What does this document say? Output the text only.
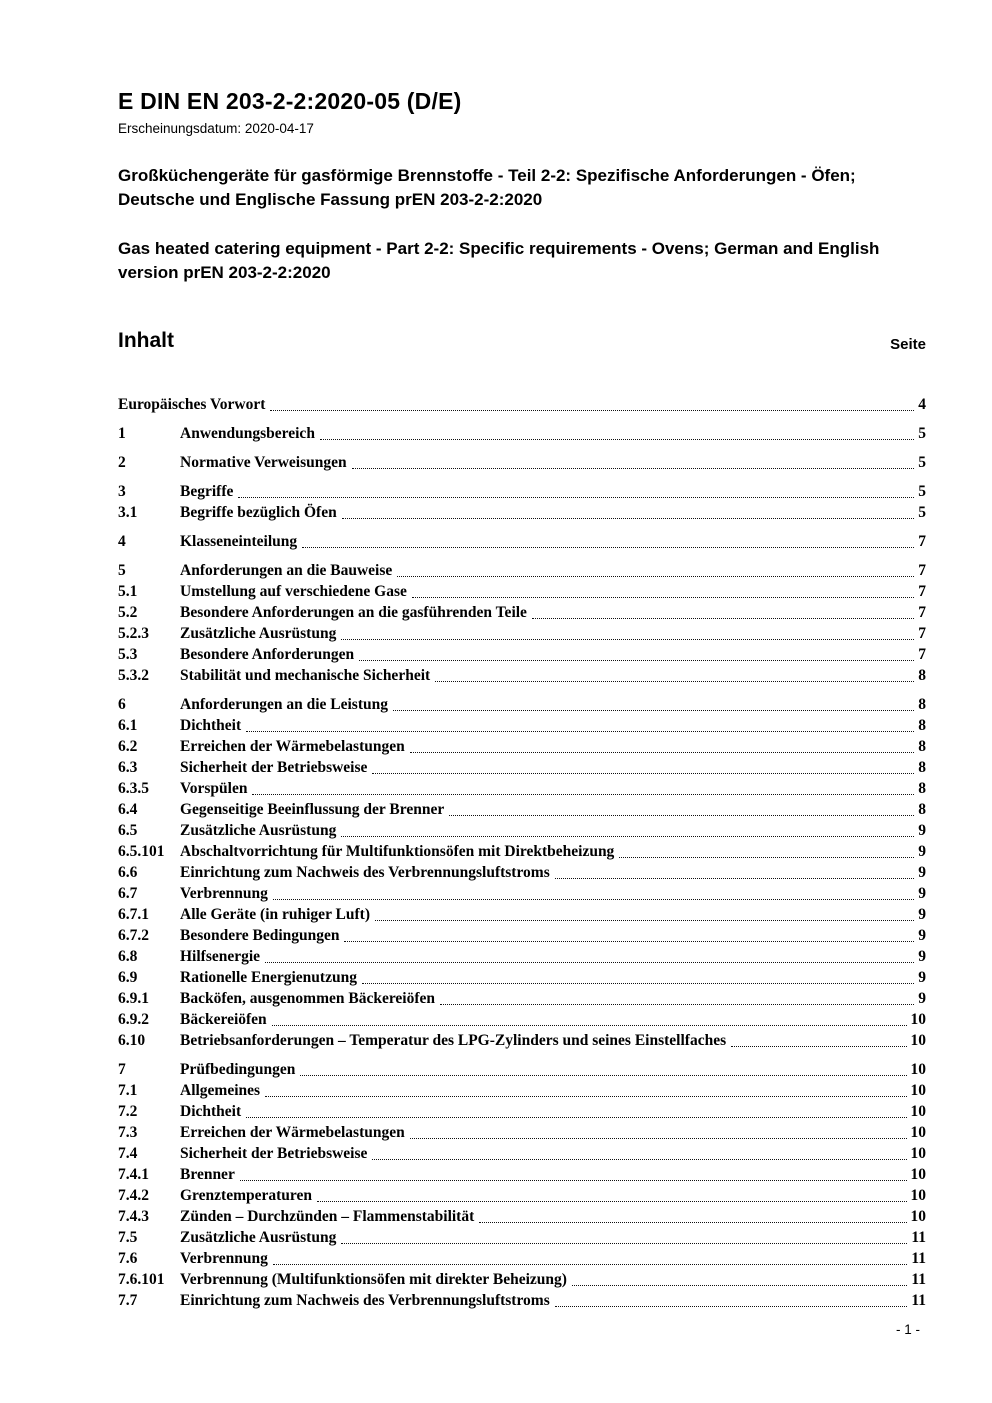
E DIN EN 203-2-2:2020-05 (D/E)
Erscheinungsdatum: 2020-04-17

Großküchengeräte für gasförmige Brennstoffe - Teil 2-2: Spezifische Anforderungen - Öfen; Deutsche und Englische Fassung prEN 203-2-2:2020

Gas heated catering equipment - Part 2-2: Specific requirements - Ovens; German and English version prEN 203-2-2:2020

Inhalt	Seite
Europäisches Vorwort	4
1	Anwendungsbereich	5
2	Normative Verweisungen	5
3	Begriffe	5
3.1	Begriffe bezüglich Öfen	5
4	Klasseneinteilung	7
5	Anforderungen an die Bauweise	7
5.1	Umstellung auf verschiedene Gase	7
5.2	Besondere Anforderungen an die gasführenden Teile	7
5.2.3	Zusätzliche Ausrüstung	7
5.3	Besondere Anforderungen	7
5.3.2	Stabilität und mechanische Sicherheit	8
6	Anforderungen an die Leistung	8
6.1	Dichtheit	8
6.2	Erreichen der Wärmebelastungen	8
6.3	Sicherheit der Betriebsweise	8
6.3.5	Vorspülen	8
6.4	Gegenseitige Beeinflussung der Brenner	8
6.5	Zusätzliche Ausrüstung	9
6.5.101	Abschaltvorrichtung für Multifunktionsöfen mit Direktbeheizung	9
6.6	Einrichtung zum Nachweis des Verbrennungsluftstroms	9
6.7	Verbrennung	9
6.7.1	Alle Geräte (in ruhiger Luft)	9
6.7.2	Besondere Bedingungen	9
6.8	Hilfsenergie	9
6.9	Rationelle Energienutzung	9
6.9.1	Backöfen, ausgenommen Bäckereiöfen	9
6.9.2	Bäckereiöfen	10
6.10	Betriebsanforderungen – Temperatur des LPG-Zylinders und seines Einstellfaches	10
7	Prüfbedingungen	10
7.1	Allgemeines	10
7.2	Dichtheit	10
7.3	Erreichen der Wärmebelastungen	10
7.4	Sicherheit der Betriebsweise	10
7.4.1	Brenner	10
7.4.2	Grenztemperaturen	10
7.4.3	Zünden – Durchzünden – Flammenstabilität	10
7.5	Zusätzliche Ausrüstung	11
7.6	Verbrennung	11
7.6.101	Verbrennung (Multifunktionsöfen mit direkter Beheizung)	11
7.7	Einrichtung zum Nachweis des Verbrennungsluftstroms	11
- 1 -
